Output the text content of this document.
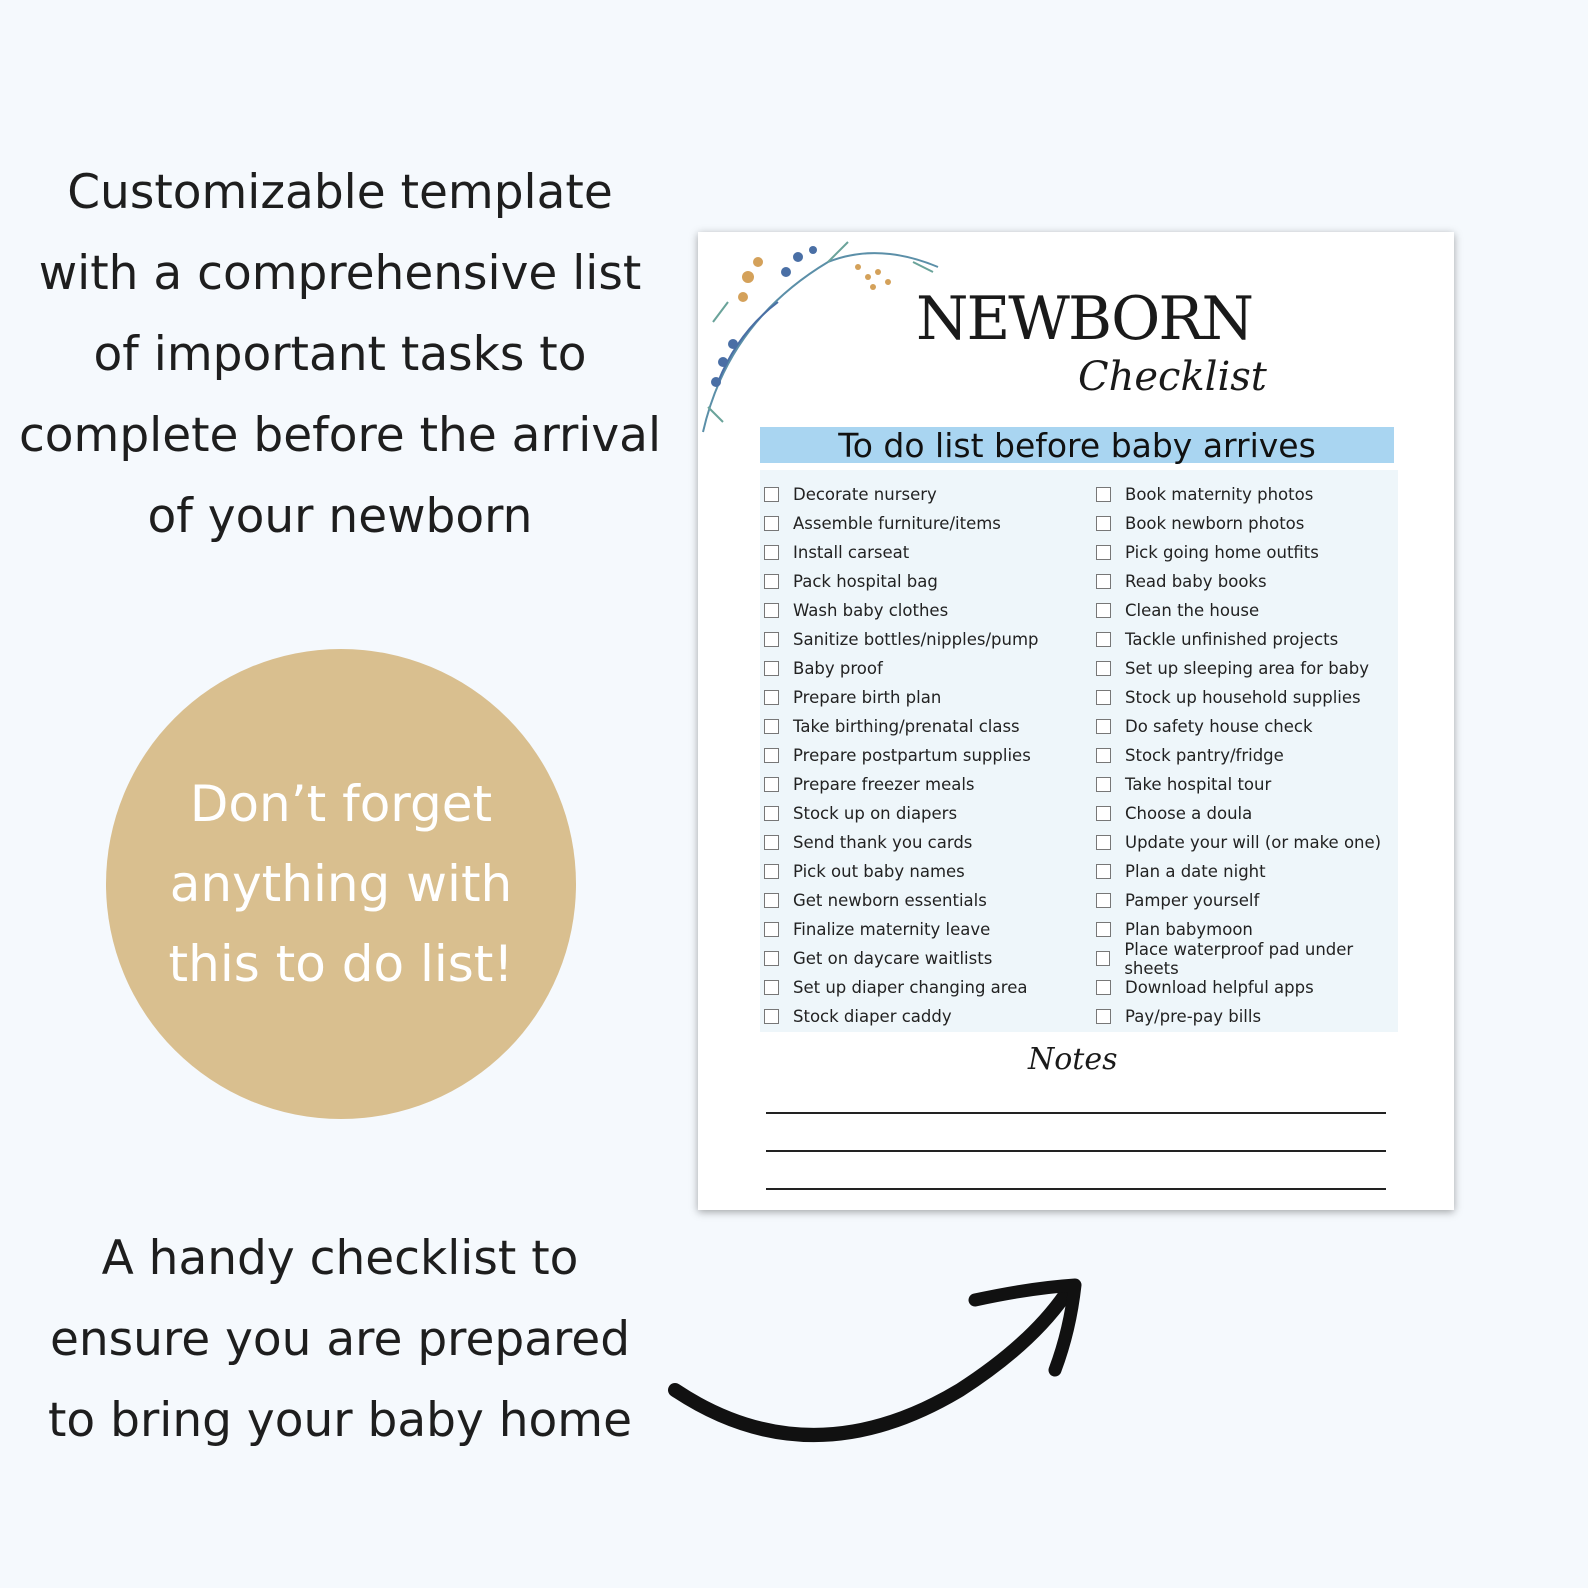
Customizable template with a comprehensive list of important tasks to complete before the arrival of your newborn
Don’t forget anything with this to do list!
A handy checklist to ensure you are prepared to bring your baby home
NEWBORN
Checklist
To do list before baby arrives
Decorate nursery
Assemble furniture/items
Install carseat
Pack hospital bag
Wash baby clothes
Sanitize bottles/nipples/pump
Baby proof
Prepare birth plan
Take birthing/prenatal class
Prepare postpartum supplies
Prepare freezer meals
Stock up on diapers
Send thank you cards
Pick out baby names
Get newborn essentials
Finalize maternity leave
Get on daycare waitlists
Set up diaper changing area
Stock diaper caddy
Book maternity photos
Book newborn photos
Pick going home outfits
Read baby books
Clean the house
Tackle unfinished projects
Set up sleeping area for baby
Stock up household supplies
Do safety house check
Stock pantry/fridge
Take hospital tour
Choose a doula
Update your will (or make one)
Plan a date night
Pamper yourself
Plan babymoon
Place waterproof pad under sheets
Download helpful apps
Pay/pre-pay bills
Notes
